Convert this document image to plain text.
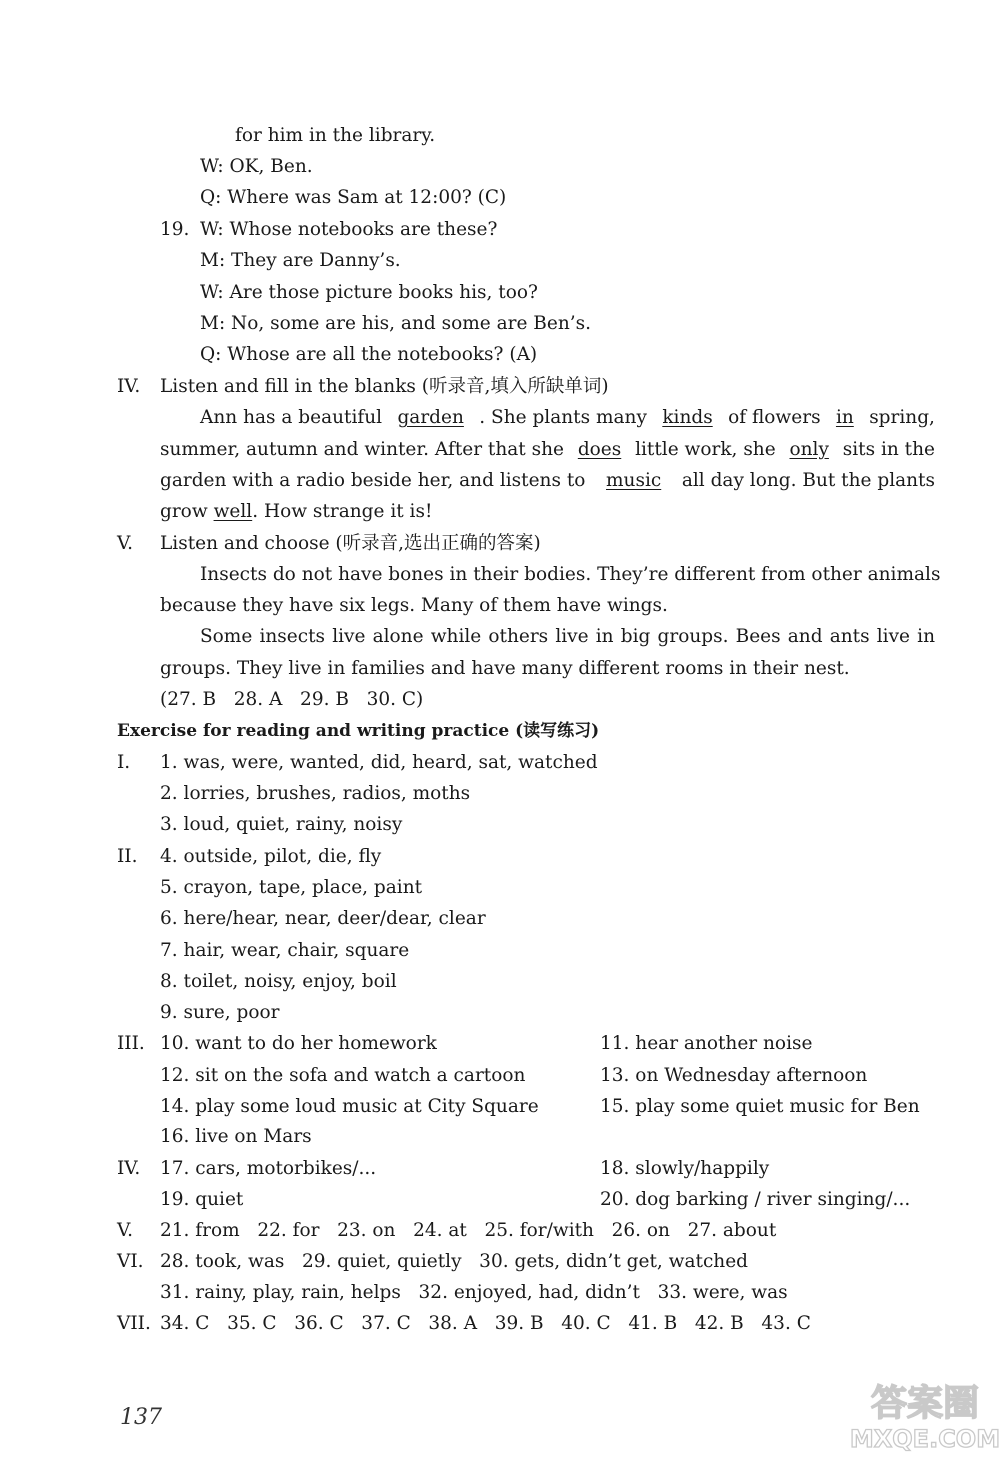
for him in the library.
W: OK, Ben.
Q: Where was Sam at 12:00? (C)
19. W: Whose notebooks are these?
M: They are Danny’s.
W: Are those picture books his, too?
M: No, some are his, and some are Ben’s.
Q: Whose are all the notebooks? (A)
IV. Listen and fill in the blanks (听录音,填入所缺单词)
Ann has a beautiful garden . She plants many kinds of flowers in spring,
summer, autumn and winter. After that she does little work, she only sits in the
garden with a radio beside her, and listens to music all day long. But the plants
grow well. How strange it is!
V. Listen and choose (听录音,选出正确的答案)
Insects do not have bones in their bodies. They’re different from other animals
because they have six legs. Many of them have wings.
Some insects live alone while others live in big groups. Bees and ants live in
groups. They live in families and have many different rooms in their nest.
(27. B   28. A   29. B   30. C)
Exercise for reading and writing practice (读写练习)
I. 1. was, were, wanted, did, heard, sat, watched
2. lorries, brushes, radios, moths
3. loud, quiet, rainy, noisy
II. 4. outside, pilot, die, fly
5. crayon, tape, place, paint
6. here/hear, near, deer/dear, clear
7. hair, wear, chair, square
8. toilet, noisy, enjoy, boil
9. sure, poor
III. 10. want to do her homework	11. hear another noise
12. sit on the sofa and watch a cartoon	13. on Wednesday afternoon
14. play some loud music at City Square	15. play some quiet music for Ben
16. live on Mars
IV. 17. cars, motorbikes/...	18. slowly/happily
19. quiet	20. dog barking / river singing/...
V. 21. from   22. for   23. on   24. at   25. for/with   26. on   27. about
VI. 28. took, was   29. quiet, quietly   30. gets, didn’t get, watched
31. rainy, play, rain, helps   32. enjoyed, had, didn’t   33. were, was
VII. 34. C   35. C   36. C   37. C   38. A   39. B   40. C   41. B   42. B   43. C
137	答案圈
MXQE.COM
